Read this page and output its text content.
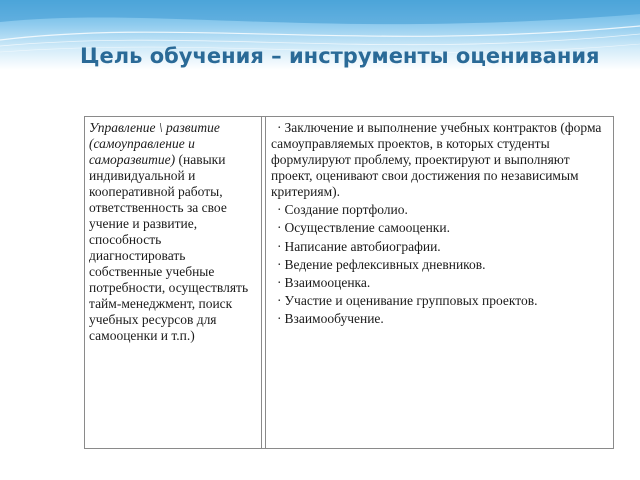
Цель обучения – инструменты оценивания
Управление \ развитие (самоуправление и саморазвитие) (навыки индивидуальной и кооперативной работы, ответственность за свое учение и развитие, способность диагностировать собственные учебные потребности, осуществлять тайм-менеджмент, поиск учебных ресурсов для самооценки и т.п.)
· Заключение и выполнение учебных контрактов (форма самоуправляемых проектов, в которых студенты формулируют проблему, проектируют и выполняют проект, оценивают свои достижения по независимым критериям).
· Создание портфолио.
· Осуществление самооценки.
· Написание автобиографии.
· Ведение рефлексивных дневников.
· Взаимооценка.
· Участие и оценивание групповых проектов.
· Взаимообучение.
